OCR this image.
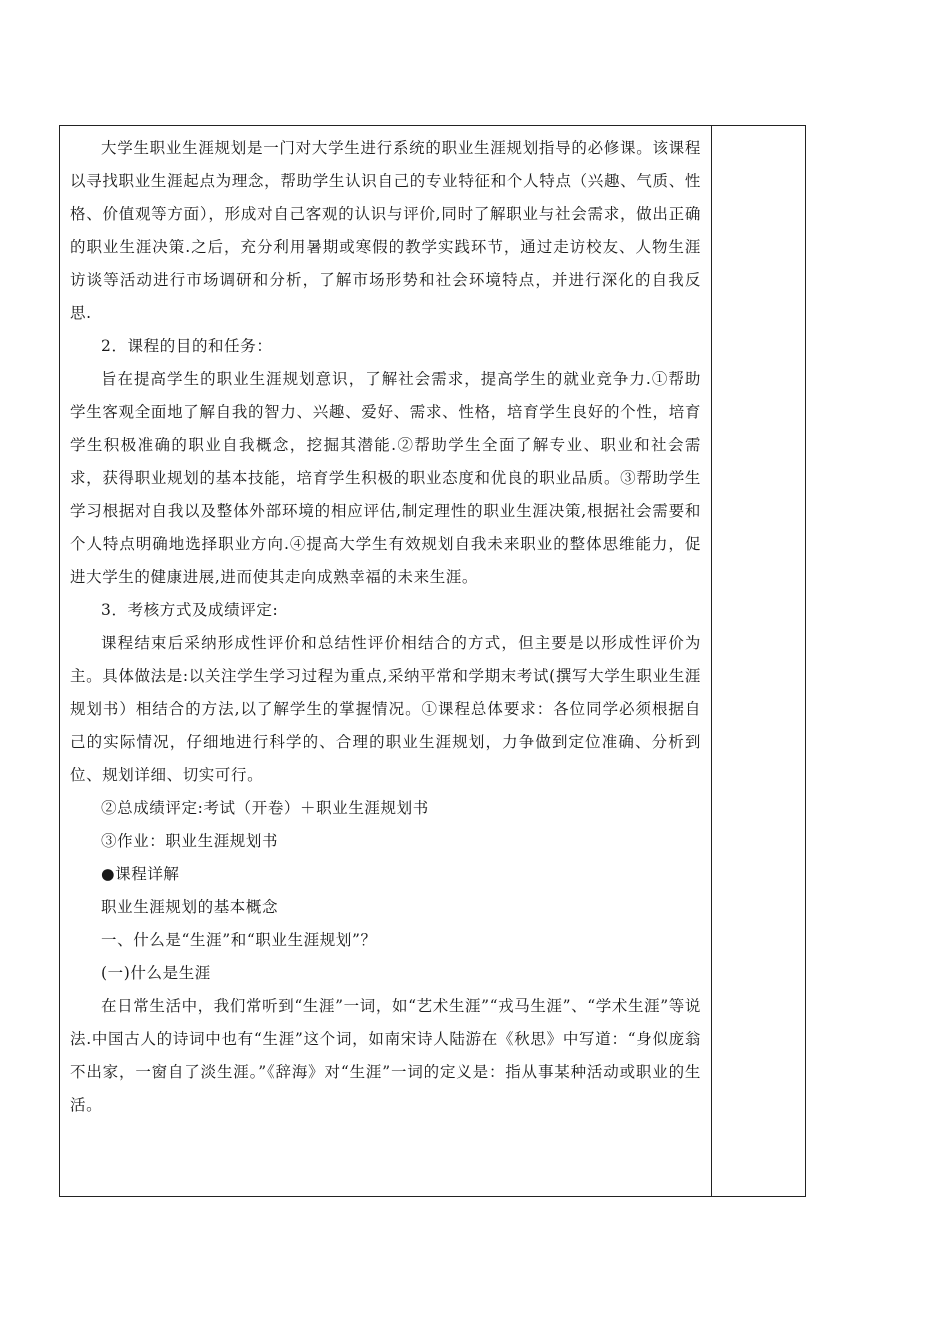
大学生职业生涯规划是一门对大学生进行系统的职业生涯规划指导的必修课。该课程以寻找职业生涯起点为理念，帮助学生认识自己的专业特征和个人特点（兴趣、气质、性格、价值观等方面），形成对自己客观的认识与评价,同时了解职业与社会需求，做出正确的职业生涯决策.之后，充分利用暑期或寒假的教学实践环节，通过走访校友、人物生涯访谈等活动进行市场调研和分析，了解市场形势和社会环境特点，并进行深化的自我反思.

2．课程的目的和任务：

旨在提高学生的职业生涯规划意识，了解社会需求，提高学生的就业竞争力.①帮助学生客观全面地了解自我的智力、兴趣、爱好、需求、性格，培育学生良好的个性，培育学生积极准确的职业自我概念，挖掘其潜能.②帮助学生全面了解专业、职业和社会需求，获得职业规划的基本技能，培育学生积极的职业态度和优良的职业品质。③帮助学生学习根据对自我以及整体外部环境的相应评估,制定理性的职业生涯决策,根据社会需要和个人特点明确地选择职业方向.④提高大学生有效规划自我未来职业的整体思维能力，促进大学生的健康进展,进而使其走向成熟幸福的未来生涯。

3．考核方式及成绩评定:

课程结束后采纳形成性评价和总结性评价相结合的方式，但主要是以形成性评价为主。具体做法是:以关注学生学习过程为重点,采纳平常和学期末考试(撰写大学生职业生涯规划书）相结合的方法,以了解学生的掌握情况。①课程总体要求：各位同学必须根据自己的实际情况，仔细地进行科学的、合理的职业生涯规划，力争做到定位准确、分析到位、规划详细、切实可行。

②总成绩评定:考试（开卷）＋职业生涯规划书

③作业：职业生涯规划书

●课程详解

职业生涯规划的基本概念

一、什么是“生涯”和“职业生涯规划”？

(一)什么是生涯

在日常生活中，我们常听到“生涯”一词，如“艺术生涯”“戎马生涯”、“学术生涯”等说法.中国古人的诗词中也有“生涯”这个词，如南宋诗人陆游在《秋思》中写道：“身似庞翁不出家，一窗自了淡生涯。”《辞海》对“生涯”一词的定义是：指从事某种活动或职业的生活。
